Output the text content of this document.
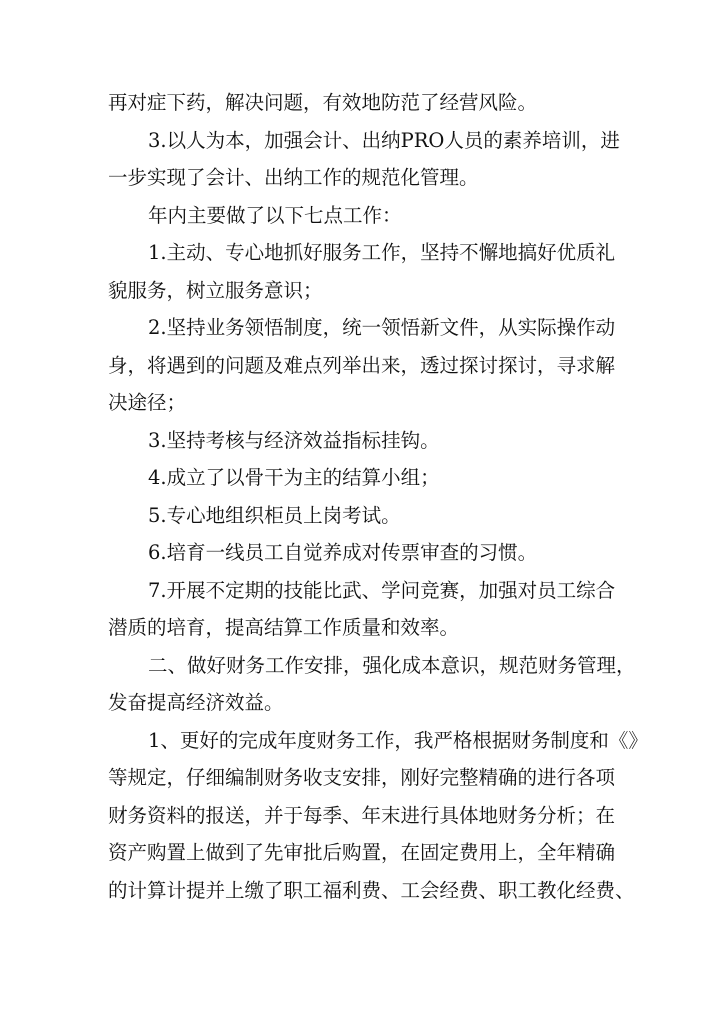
再对症下药，解决问题，有效地防范了经营风险。
3.以人为本，加强会计、出纳PRO人员的素养培训，进
一步实现了会计、出纳工作的规范化管理。
年内主要做了以下七点工作：
1.主动、专心地抓好服务工作，坚持不懈地搞好优质礼
貌服务，树立服务意识；
2.坚持业务领悟制度，统一领悟新文件，从实际操作动
身，将遇到的问题及难点列举出来，透过探讨探讨，寻求解
决途径；
3.坚持考核与经济效益指标挂钩。
4.成立了以骨干为主的结算小组；
5.专心地组织柜员上岗考试。
6.培育一线员工自觉养成对传票审查的习惯。
7.开展不定期的技能比武、学问竞赛，加强对员工综合
潜质的培育，提高结算工作质量和效率。
二、做好财务工作安排，强化成本意识，规范财务管理，
发奋提高经济效益。
1、更好的完成年度财务工作，我严格根据财务制度和《》
等规定，仔细编制财务收支安排，刚好完整精确的进行各项
财务资料的报送，并于每季、年末进行具体地财务分析；在
资产购置上做到了先审批后购置，在固定费用上，全年精确
的计算计提并上缴了职工福利费、工会经费、职工教化经费、
